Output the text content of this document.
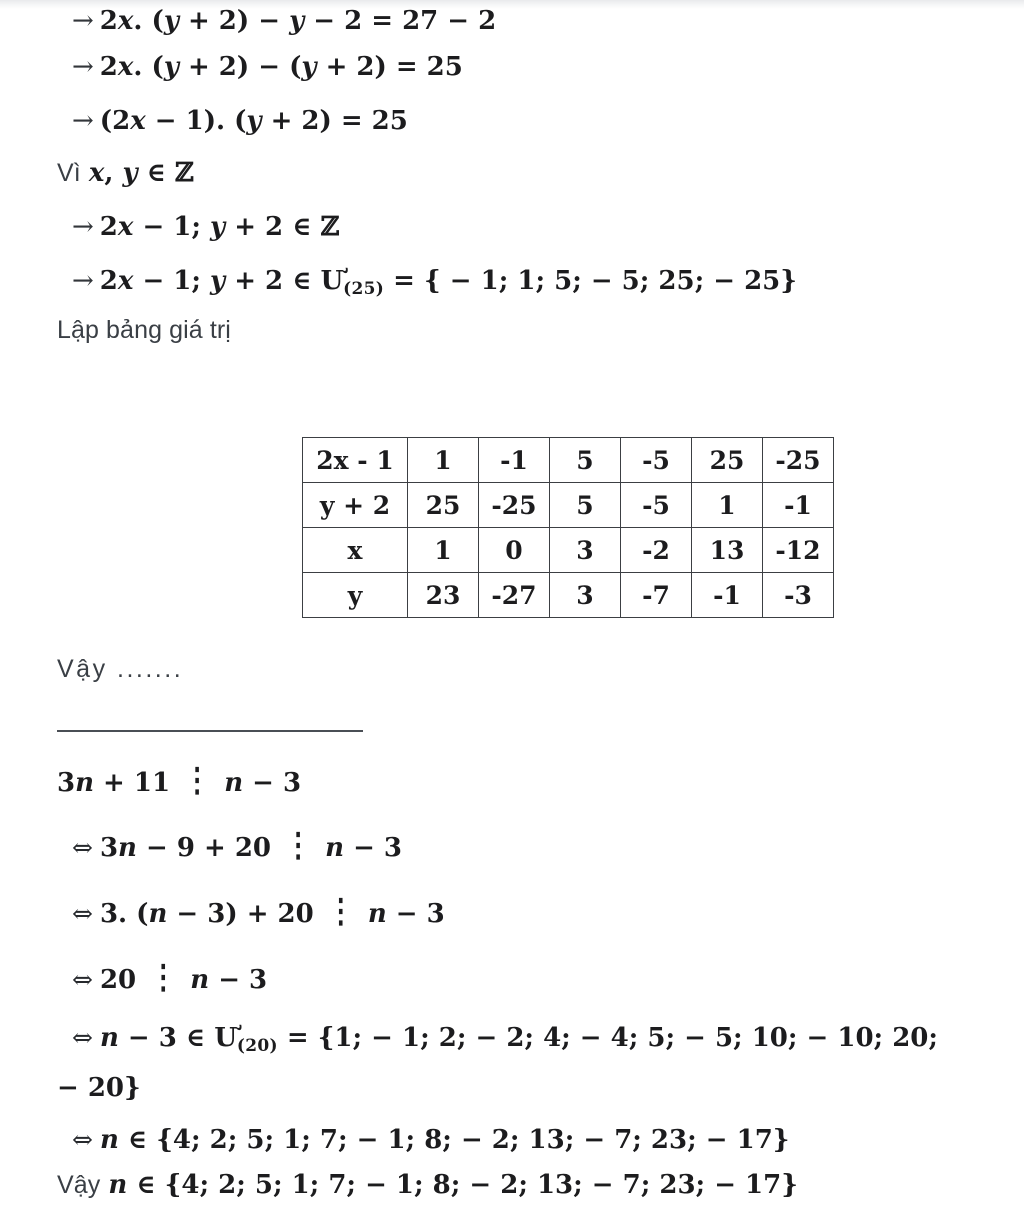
→ 2x. (y + 2) − y − 2 = 27 − 2
→ 2x. (y + 2) − (y + 2) = 25
→ (2x − 1). (y + 2) = 25
Vì x, y ∈ ℤ
→ 2x − 1; y + 2 ∈ ℤ
→ 2x − 1; y + 2 ∈ $Ư_{(25)}$ = { − 1; 1; 5; − 5; 25; − 25}
Lập bảng giá trị
2x - 1	1	-1	5	-5	25	-25
y + 2	25	-25	5	-5	1	-1
x	1	0	3	-2	13	-12
y	23	-27	3	-7	-1	-3
Vậy .......
3n + 11 ⋮ n − 3
⇔ 3n − 9 + 20 ⋮ n − 3
⇔ 3. (n − 3) + 20 ⋮ n − 3
⇔ 20 ⋮ n − 3
⇔ n − 3 ∈ $Ư_{(20)} = \{1$; − 1; 2; − 2; 4; − 4; 5; − 5; 10; − 10; 20;
− 20}
⇔ n ∈ {4; 2; 5; 1; 7; − 1; 8; − 2; 13; − 7; 23; − 17}
Vậy n ∈ {4; 2; 5; 1; 7; − 1; 8; − 2; 13; − 7; 23; − 17}
